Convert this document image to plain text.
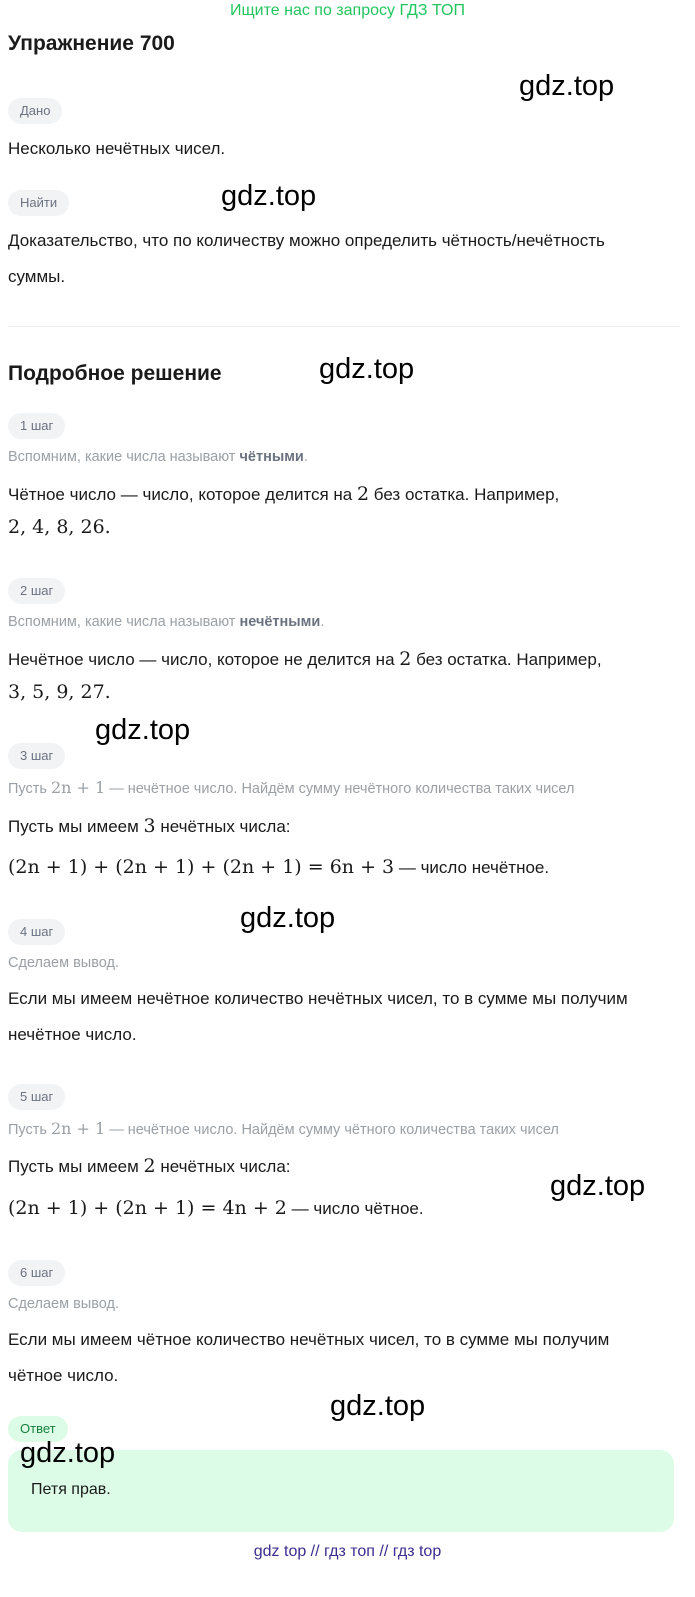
Ищите нас по запросу ГДЗ ТОП
Упражнение 700
gdz.top
gdz.top
gdz.top
gdz.top
gdz.top
gdz.top
gdz.top
Дано
Несколько нечётных чисел.
Найти
Доказательство, что по количеству можно определить чётность/нечётность
суммы.
Подробное решение
1 шаг
Вспомним, какие числа называют чётными.
Чётное число — число, которое делится на 2 без остатка. Например,
2, 4, 8, 26.
2 шаг
Вспомним, какие числа называют нечётными.
Нечётное число — число, которое не делится на 2 без остатка. Например,
3, 5, 9, 27.
3 шаг
Пусть 2n + 1 — нечётное число. Найдём сумму нечётного количества таких чисел
Пусть мы имеем 3 нечётных числа:
(2n + 1) + (2n + 1) + (2n + 1) = 6n + 3 — число нечётное.
4 шаг
Сделаем вывод.
Если мы имеем нечётное количество нечётных чисел, то в сумме мы получим
нечётное число.
5 шаг
Пусть 2n + 1 — нечётное число. Найдём сумму чётного количества таких чисел
Пусть мы имеем 2 нечётных числа:
(2n + 1) + (2n + 1) = 4n + 2 — число чётное.
6 шаг
Сделаем вывод.
Если мы имеем чётное количество нечётных чисел, то в сумме мы получим
чётное число.
Ответ
gdz.top
Петя прав.
gdz top // гдз топ // гдз top
